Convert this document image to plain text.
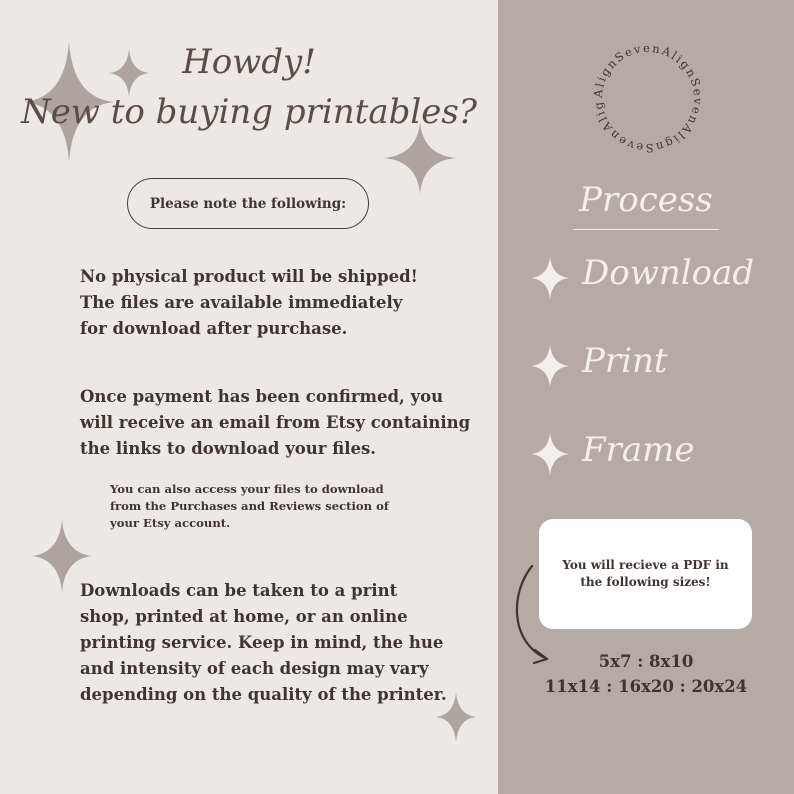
Howdy!
New to buying printables?
Please note the following:
No physical product will be shipped!
The files are available immediately
for download after purchase.
Once payment has been confirmed, you
will receive an email from Etsy containing
the links to download your files.
You can also access your files to download
from the Purchases and Reviews section of
your Etsy account.
Downloads can be taken to a print
shop, printed at home, or an online
printing service. Keep in mind, the hue
and intensity of each design may vary
depending on the quality of the printer.
AlignSevenAlignSevenAlignSevenAlig
Process
Download
Print
Frame
You will recieve a PDF in the following sizes!
5x7 : 8x10
11x14 : 16x20 : 20x24
